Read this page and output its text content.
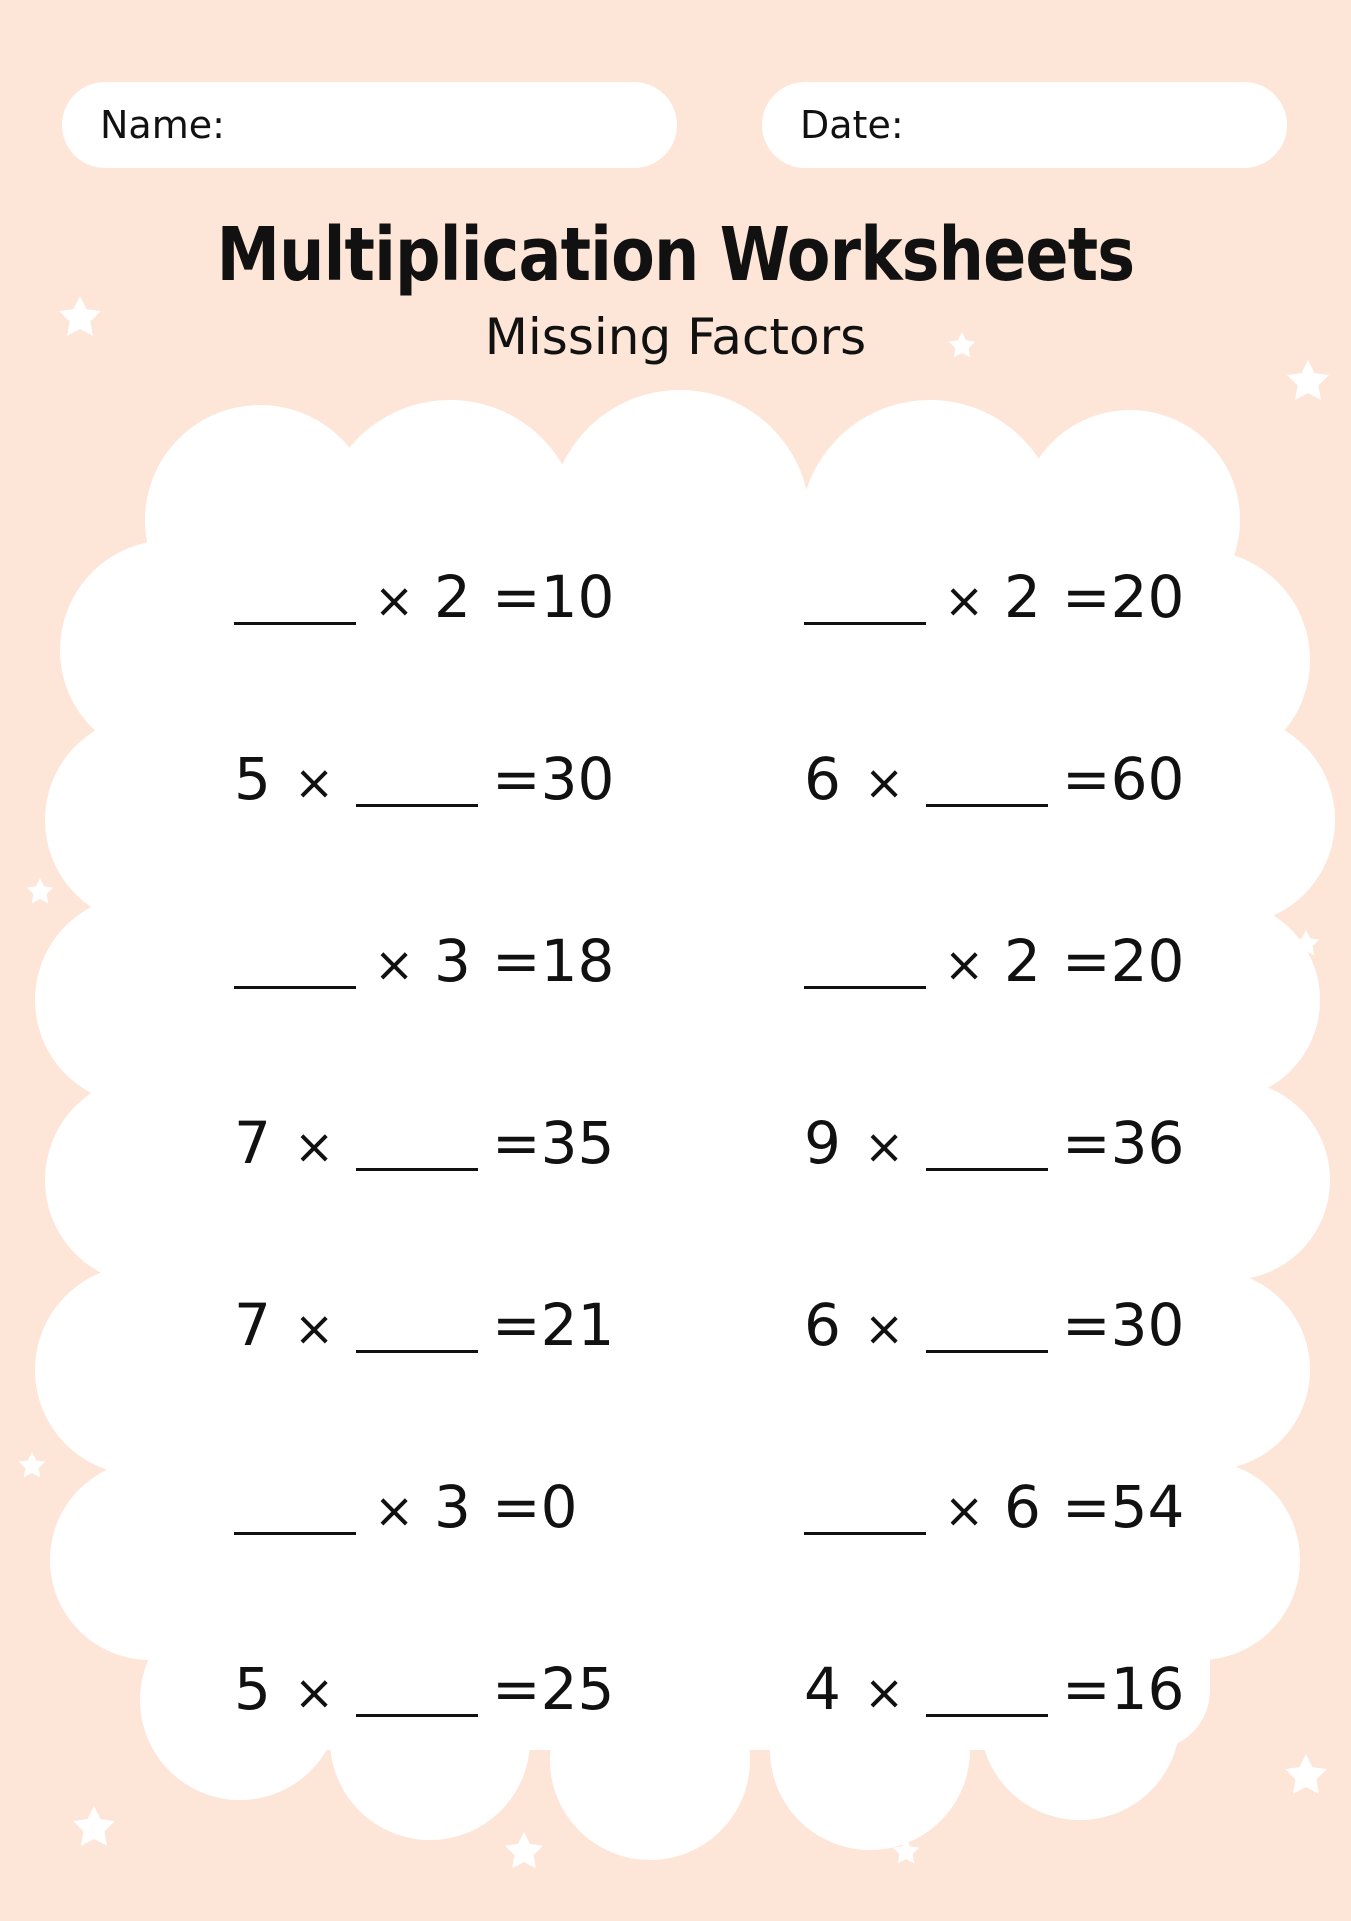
Name:	Date:
Multiplication Worksheets
Missing Factors
× 2 =10
5 ×	=30
× 3 =18
7 ×	=35
7 ×	=21
× 3 =0
5 ×	=25
× 2 =20
6 ×	=60
× 2 =20
9 ×	=36
6 ×	=30
× 6 =54
4 ×	=16
